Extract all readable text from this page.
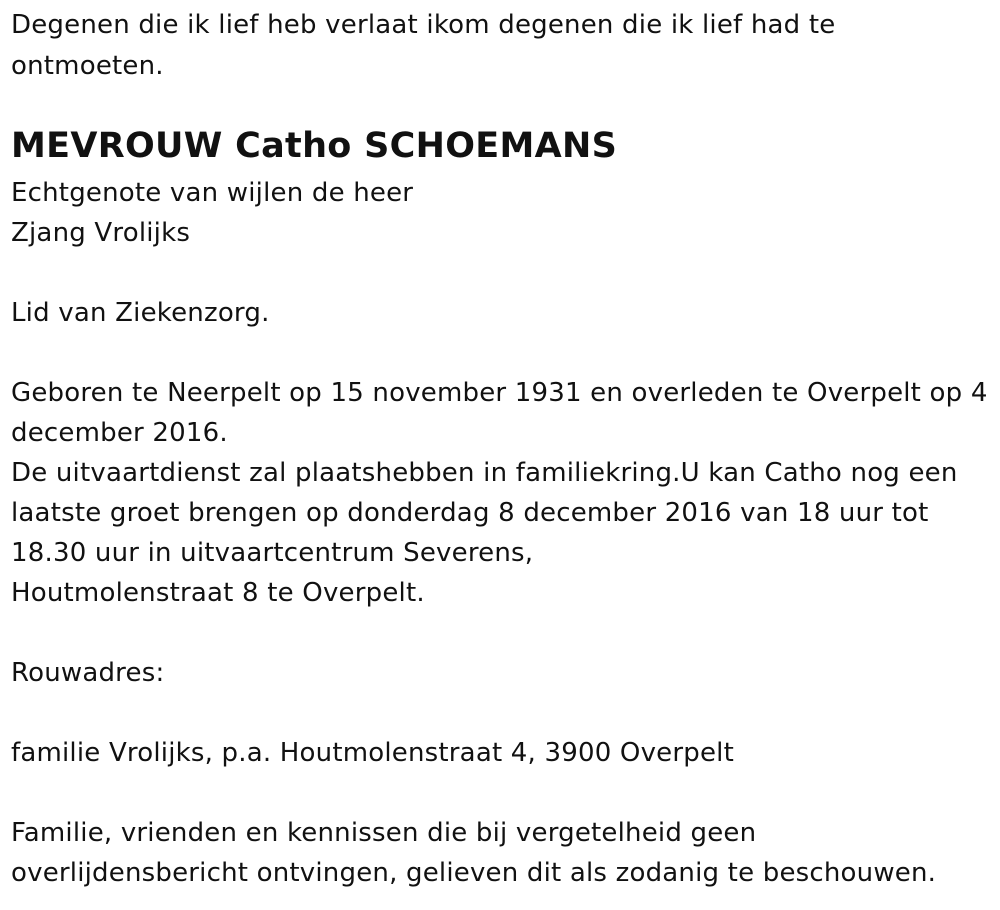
Degenen die ik lief heb verlaat ikom degenen die ik lief had te
ontmoeten.
MEVROUW Catho SCHOEMANS
Echtgenote van wijlen de heer
Zjang Vrolijks
Lid van Ziekenzorg.
Geboren te Neerpelt op 15 november 1931 en overleden te Overpelt op 4
december 2016.
De uitvaartdienst zal plaatshebben in familiekring.U kan Catho nog een
laatste groet brengen op donderdag 8 december 2016 van 18 uur tot
18.30 uur in uitvaartcentrum Severens,
Houtmolenstraat 8 te Overpelt.
Rouwadres:
familie Vrolijks, p.a. Houtmolenstraat 4, 3900 Overpelt
Familie, vrienden en kennissen die bij vergetelheid geen
overlijdensbericht ontvingen, gelieven dit als zodanig te beschouwen.
